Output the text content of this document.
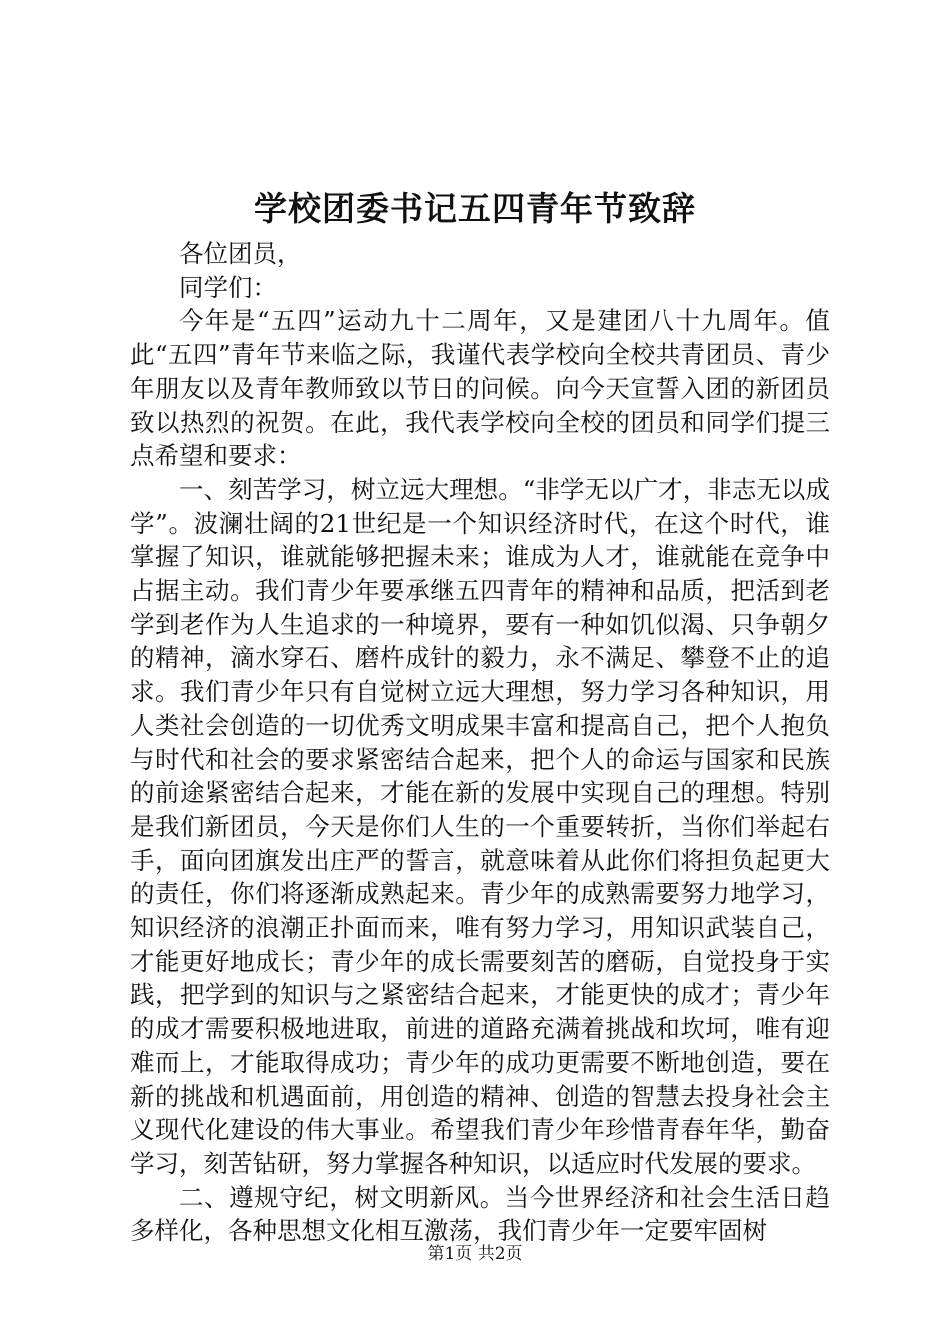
学校团委书记五四青年节致辞

各位团员，

同学们：

今年是“五四”运动九十二周年，又是建团八十九周年。值此“五四”青年节来临之际，我谨代表学校向全校共青团员、青少年朋友以及青年教师致以节日的问候。向今天宣誓入团的新团员致以热烈的祝贺。在此，我代表学校向全校的团员和同学们提三点希望和要求：

一、刻苦学习，树立远大理想。“非学无以广才，非志无以成学”。波澜壮阔的21世纪是一个知识经济时代，在这个时代，谁掌握了知识，谁就能够把握未来；谁成为人才，谁就能在竞争中占据主动。我们青少年要承继五四青年的精神和品质，把活到老学到老作为人生追求的一种境界，要有一种如饥似渴、只争朝夕的精神，滴水穿石、磨杵成针的毅力，永不满足、攀登不止的追求。我们青少年只有自觉树立远大理想，努力学习各种知识，用人类社会创造的一切优秀文明成果丰富和提高自己，把个人抱负与时代和社会的要求紧密结合起来，把个人的命运与国家和民族的前途紧密结合起来，才能在新的发展中实现自己的理想。特别是我们新团员，今天是你们人生的一个重要转折，当你们举起右手，面向团旗发出庄严的誓言，就意味着从此你们将担负起更大的责任，你们将逐渐成熟起来。青少年的成熟需要努力地学习，知识经济的浪潮正扑面而来，唯有努力学习，用知识武装自己，才能更好地成长；青少年的成长需要刻苦的磨砺，自觉投身于实践，把学到的知识与之紧密结合起来，才能更快的成才；青少年的成才需要积极地进取，前进的道路充满着挑战和坎坷，唯有迎难而上，才能取得成功；青少年的成功更需要不断地创造，要在新的挑战和机遇面前，用创造的精神、创造的智慧去投身社会主义现代化建设的伟大事业。希望我们青少年珍惜青春年华，勤奋学习，刻苦钻研，努力掌握各种知识，以适应时代发展的要求。

二、遵规守纪，树文明新风。当今世界经济和社会生活日趋多样化，各种思想文化相互激荡，我们青少年一定要牢固树

第1页 共2页
